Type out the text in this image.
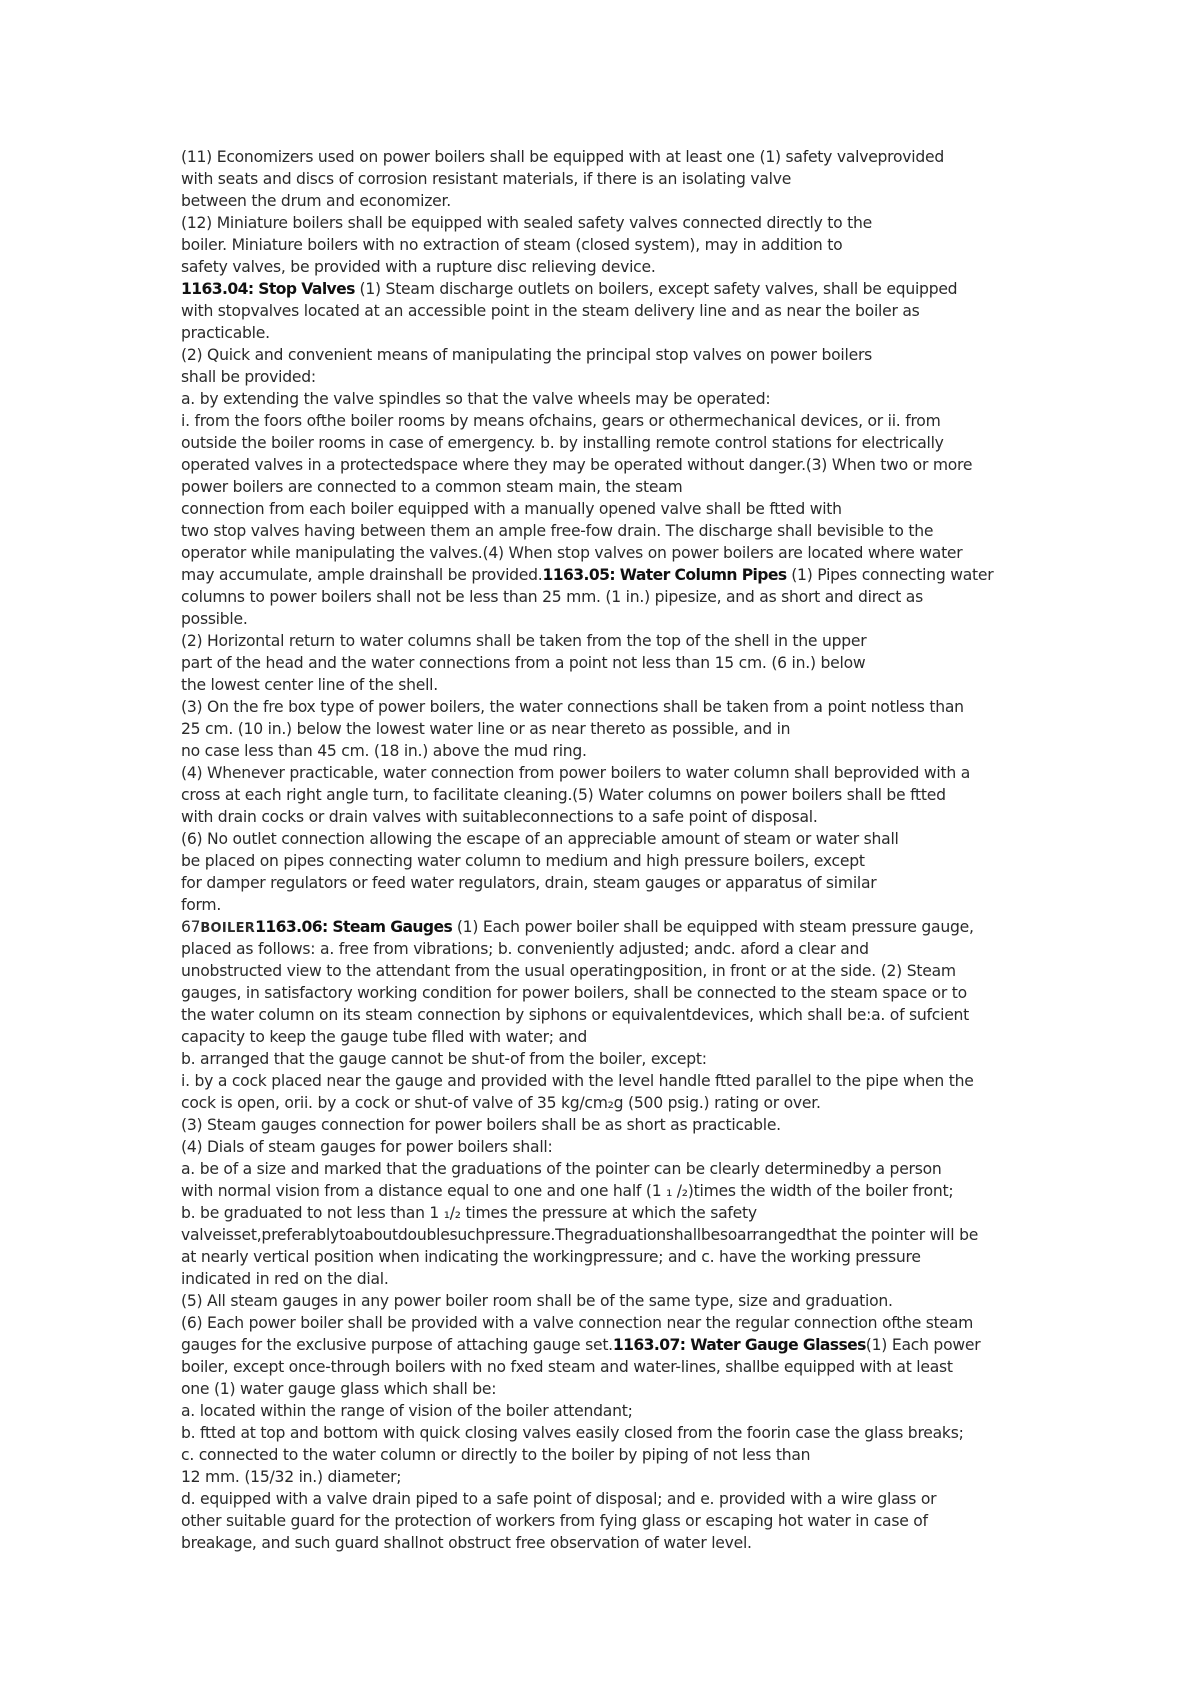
(11) Economizers used on power boilers shall be equipped with at least one (1) safety valveprovided
with seats and discs of corrosion resistant materials, if there is an isolating valve
between the drum and economizer.
(12) Miniature boilers shall be equipped with sealed safety valves connected directly to the
boiler. Miniature boilers with no extraction of steam (closed system), may in addition to
safety valves, be provided with a rupture disc relieving device.
1163.04: Stop Valves (1) Steam discharge outlets on boilers, except safety valves, shall be equipped
with stopvalves located at an accessible point in the steam delivery line and as near the boiler as
practicable.
(2) Quick and convenient means of manipulating the principal stop valves on power boilers
shall be provided:
a. by extending the valve spindles so that the valve wheels may be operated:
i. from the foors ofthe boiler rooms by means ofchains, gears or othermechanical devices, or ii. from
outside the boiler rooms in case of emergency. b. by installing remote control stations for electrically
operated valves in a protectedspace where they may be operated without danger.(3) When two or more
power boilers are connected to a common steam main, the steam
connection from each boiler equipped with a manually opened valve shall be ftted with
two stop valves having between them an ample free-fow drain. The discharge shall bevisible to the
operator while manipulating the valves.(4) When stop valves on power boilers are located where water
may accumulate, ample drainshall be provided.1163.05: Water Column Pipes (1) Pipes connecting water
columns to power boilers shall not be less than 25 mm. (1 in.) pipesize, and as short and direct as
possible.
(2) Horizontal return to water columns shall be taken from the top of the shell in the upper
part of the head and the water connections from a point not less than 15 cm. (6 in.) below
the lowest center line of the shell.
(3) On the fre box type of power boilers, the water connections shall be taken from a point notless than
25 cm. (10 in.) below the lowest water line or as near thereto as possible, and in
no case less than 45 cm. (18 in.) above the mud ring.
(4) Whenever practicable, water connection from power boilers to water column shall beprovided with a
cross at each right angle turn, to facilitate cleaning.(5) Water columns on power boilers shall be ftted
with drain cocks or drain valves with suitableconnections to a safe point of disposal.
(6) No outlet connection allowing the escape of an appreciable amount of steam or water shall
be placed on pipes connecting water column to medium and high pressure boilers, except
for damper regulators or feed water regulators, drain, steam gauges or apparatus of similar
form.
67BOILER1163.06: Steam Gauges (1) Each power boiler shall be equipped with steam pressure gauge,
placed as follows: a. free from vibrations; b. conveniently adjusted; andc. aford a clear and
unobstructed view to the attendant from the usual operatingposition, in front or at the side. (2) Steam
gauges, in satisfactory working condition for power boilers, shall be connected to the steam space or to
the water column on its steam connection by siphons or equivalentdevices, which shall be:a. of sufcient
capacity to keep the gauge tube flled with water; and
b. arranged that the gauge cannot be shut-of from the boiler, except:
i. by a cock placed near the gauge and provided with the level handle ftted parallel to the pipe when the
cock is open, orii. by a cock or shut-of valve of 35 kg/cm₂g (500 psig.) rating or over.
(3) Steam gauges connection for power boilers shall be as short as practicable.
(4) Dials of steam gauges for power boilers shall:
a. be of a size and marked that the graduations of the pointer can be clearly determinedby a person
with normal vision from a distance equal to one and one half (1 ₁ /₂)times the width of the boiler front;
b. be graduated to not less than 1 ₁/₂ times the pressure at which the safety
valveisset,preferablytoaboutdoublesuchpressure.Thegraduationshallbesoarrangedthat the pointer will be
at nearly vertical position when indicating the workingpressure; and c. have the working pressure
indicated in red on the dial.
(5) All steam gauges in any power boiler room shall be of the same type, size and graduation.
(6) Each power boiler shall be provided with a valve connection near the regular connection ofthe steam
gauges for the exclusive purpose of attaching gauge set.1163.07: Water Gauge Glasses(1) Each power
boiler, except once-through boilers with no fxed steam and water-lines, shallbe equipped with at least
one (1) water gauge glass which shall be:
a. located within the range of vision of the boiler attendant;
b. ftted at top and bottom with quick closing valves easily closed from the foorin case the glass breaks;
c. connected to the water column or directly to the boiler by piping of not less than
12 mm. (15/32 in.) diameter;
d. equipped with a valve drain piped to a safe point of disposal; and e. provided with a wire glass or
other suitable guard for the protection of workers from fying glass or escaping hot water in case of
breakage, and such guard shallnot obstruct free observation of water level.
